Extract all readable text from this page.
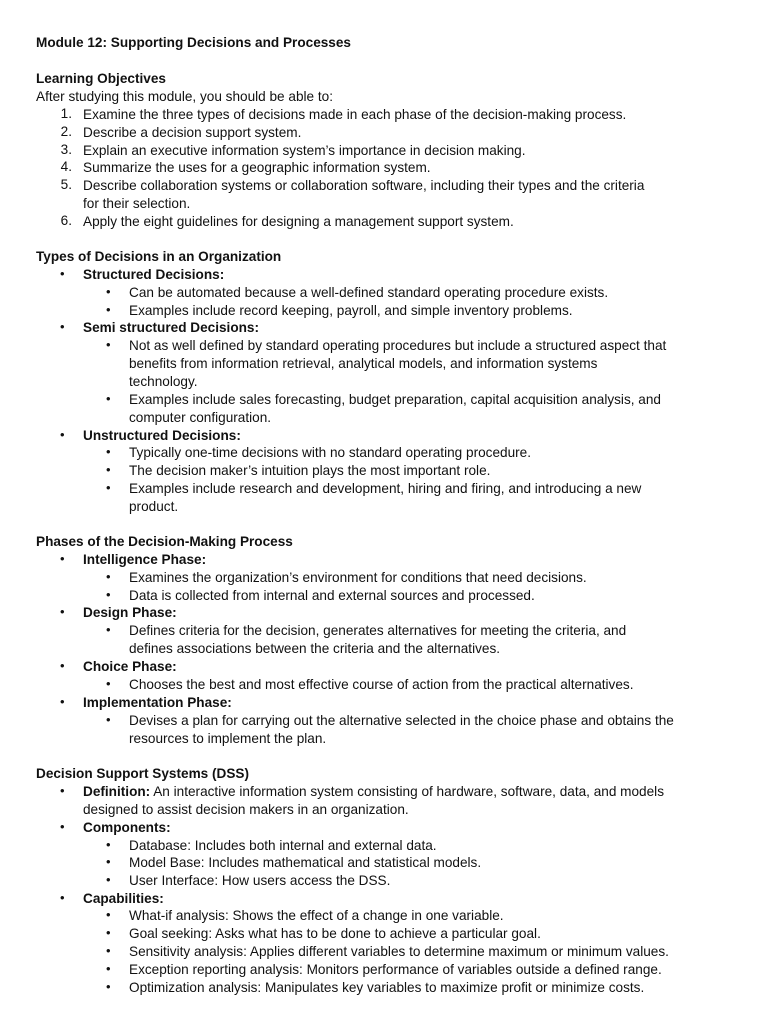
Module 12: Supporting Decisions and Processes
Learning Objectives
After studying this module, you should be able to:
1. Examine the three types of decisions made in each phase of the decision-making process.
2. Describe a decision support system.
3. Explain an executive information system’s importance in decision making.
4. Summarize the uses for a geographic information system.
5. Describe collaboration systems or collaboration software, including their types and the criteria
for their selection.
6. Apply the eight guidelines for designing a management support system.
Types of Decisions in an Organization
• Structured Decisions:
• Can be automated because a well-defined standard operating procedure exists.
• Examples include record keeping, payroll, and simple inventory problems.
• Semi structured Decisions:
• Not as well defined by standard operating procedures but include a structured aspect that
benefits from information retrieval, analytical models, and information systems
technology.
• Examples include sales forecasting, budget preparation, capital acquisition analysis, and
computer configuration.
• Unstructured Decisions:
• Typically one-time decisions with no standard operating procedure.
• The decision maker’s intuition plays the most important role.
• Examples include research and development, hiring and firing, and introducing a new
product.
Phases of the Decision-Making Process
• Intelligence Phase:
• Examines the organization’s environment for conditions that need decisions.
• Data is collected from internal and external sources and processed.
• Design Phase:
• Defines criteria for the decision, generates alternatives for meeting the criteria, and
defines associations between the criteria and the alternatives.
• Choice Phase:
• Chooses the best and most effective course of action from the practical alternatives.
• Implementation Phase:
• Devises a plan for carrying out the alternative selected in the choice phase and obtains the
resources to implement the plan.
Decision Support Systems (DSS)
• Definition: An interactive information system consisting of hardware, software, data, and models
designed to assist decision makers in an organization.
• Components:
• Database: Includes both internal and external data.
• Model Base: Includes mathematical and statistical models.
• User Interface: How users access the DSS.
• Capabilities:
• What-if analysis: Shows the effect of a change in one variable.
• Goal seeking: Asks what has to be done to achieve a particular goal.
• Sensitivity analysis: Applies different variables to determine maximum or minimum values.
• Exception reporting analysis: Monitors performance of variables outside a defined range.
• Optimization analysis: Manipulates key variables to maximize profit or minimize costs.
